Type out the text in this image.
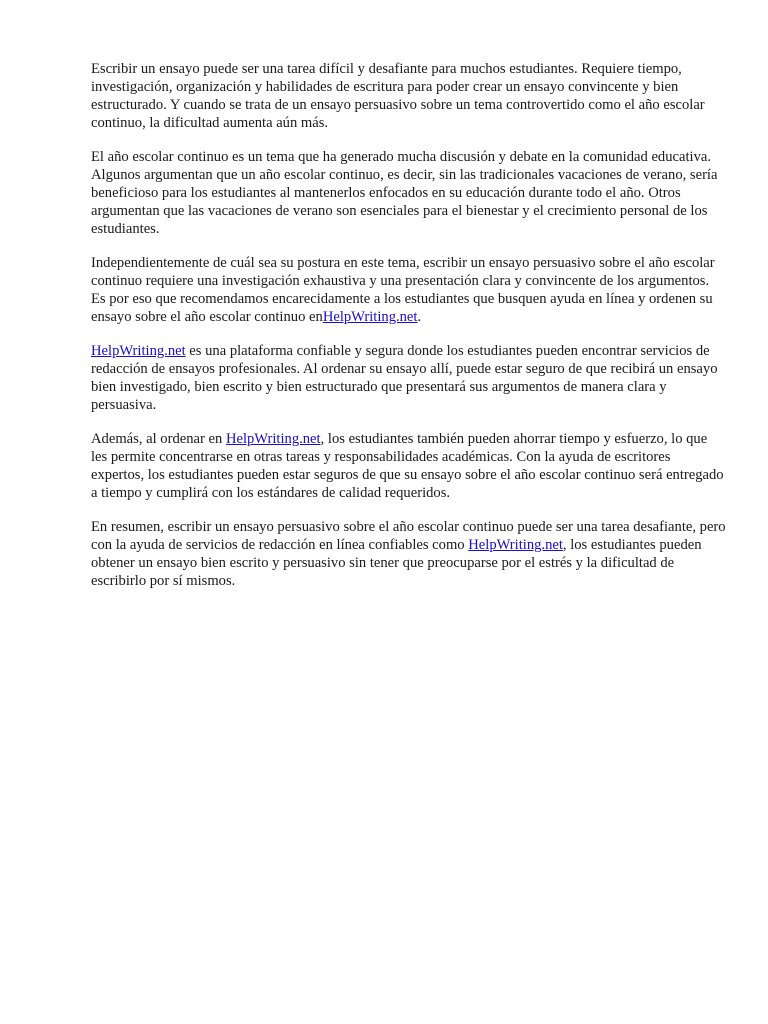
Escribir un ensayo puede ser una tarea difícil y desafiante para muchos estudiantes. Requiere tiempo, investigación, organización y habilidades de escritura para poder crear un ensayo convincente y bien estructurado. Y cuando se trata de un ensayo persuasivo sobre un tema controvertido como el año escolar continuo, la dificultad aumenta aún más.

El año escolar continuo es un tema que ha generado mucha discusión y debate en la comunidad educativa. Algunos argumentan que un año escolar continuo, es decir, sin las tradicionales vacaciones de verano, sería beneficioso para los estudiantes al mantenerlos enfocados en su educación durante todo el año. Otros argumentan que las vacaciones de verano son esenciales para el bienestar y el crecimiento personal de los estudiantes.

Independientemente de cuál sea su postura en este tema, escribir un ensayo persuasivo sobre el año escolar continuo requiere una investigación exhaustiva y una presentación clara y convincente de los argumentos. Es por eso que recomendamos encarecidamente a los estudiantes que busquen ayuda en línea y ordenen su ensayo sobre el año escolar continuo enHelpWriting.net.

HelpWriting.net es una plataforma confiable y segura donde los estudiantes pueden encontrar servicios de redacción de ensayos profesionales. Al ordenar su ensayo allí, puede estar seguro de que recibirá un ensayo bien investigado, bien escrito y bien estructurado que presentará sus argumentos de manera clara y persuasiva.

Además, al ordenar en HelpWriting.net, los estudiantes también pueden ahorrar tiempo y esfuerzo, lo que les permite concentrarse en otras tareas y responsabilidades académicas. Con la ayuda de escritores expertos, los estudiantes pueden estar seguros de que su ensayo sobre el año escolar continuo será entregado a tiempo y cumplirá con los estándares de calidad requeridos.

En resumen, escribir un ensayo persuasivo sobre el año escolar continuo puede ser una tarea desafiante, pero con la ayuda de servicios de redacción en línea confiables como HelpWriting.net, los estudiantes pueden obtener un ensayo bien escrito y persuasivo sin tener que preocuparse por el estrés y la dificultad de escribirlo por sí mismos.
